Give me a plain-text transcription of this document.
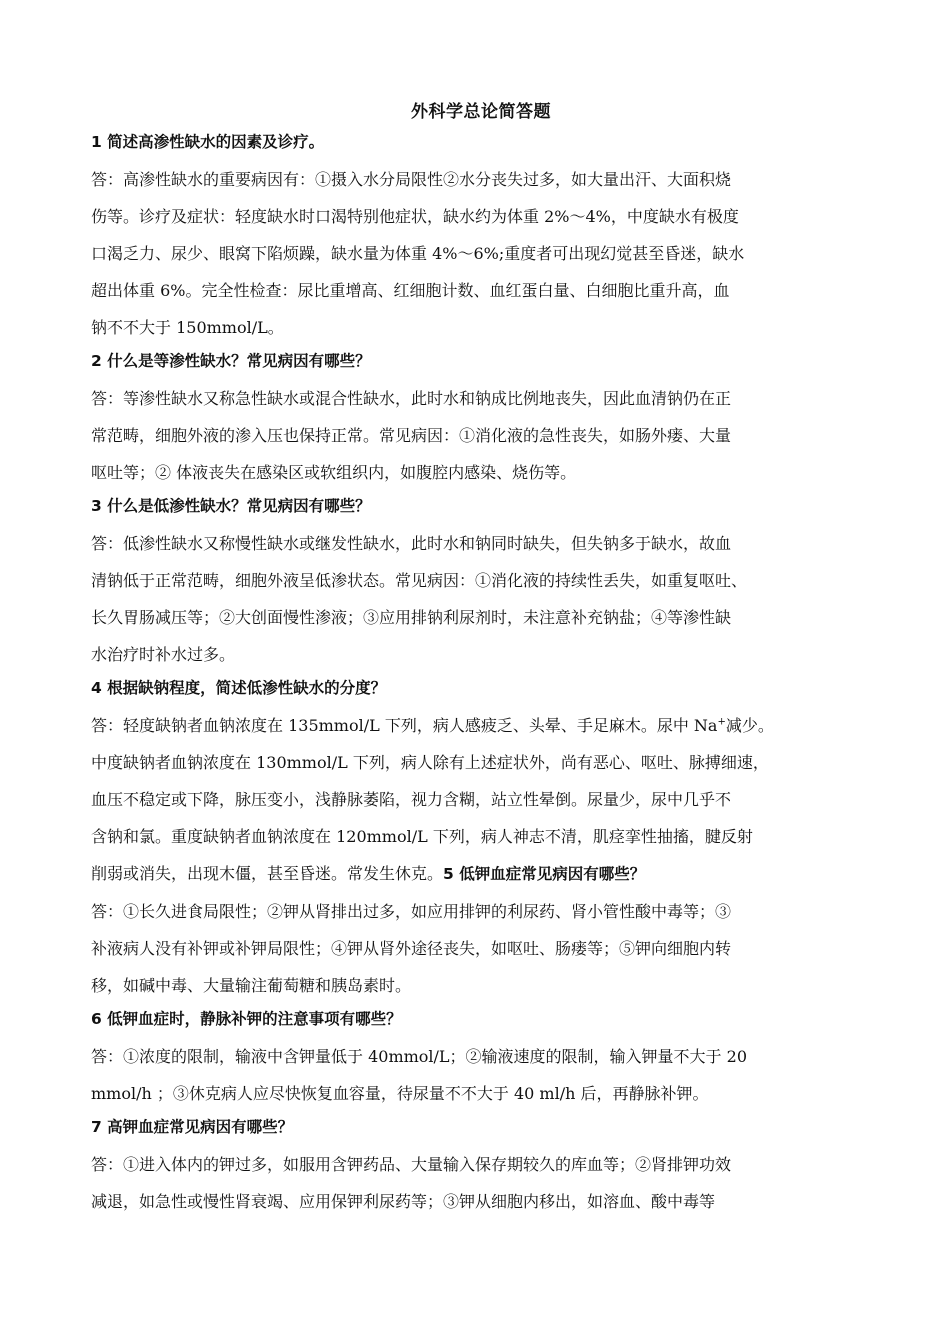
外科学总论简答题
1 简述高渗性缺水的因素及诊疗。
答：高渗性缺水的重要病因有：①摄入水分局限性②水分丧失过多，如大量出汗、大面积烧
伤等。诊疗及症状：轻度缺水时口渴特别他症状，缺水约为体重 2%～4%，中度缺水有极度
口渴乏力、尿少、眼窝下陷烦躁，缺水量为体重 4%～6%;重度者可出现幻觉甚至昏迷，缺水
超出体重 6%。完全性检查：尿比重增高、红细胞计数、血红蛋白量、白细胞比重升高，血
钠不不大于 150mmol/L。
2 什么是等渗性缺水？常见病因有哪些？
答：等渗性缺水又称急性缺水或混合性缺水，此时水和钠成比例地丧失，因此血清钠仍在正
常范畴，细胞外液的渗入压也保持正常。常见病因：①消化液的急性丧失，如肠外瘘、大量
呕吐等；② 体液丧失在感染区或软组织内，如腹腔内感染、烧伤等。
3 什么是低渗性缺水？常见病因有哪些？
答：低渗性缺水又称慢性缺水或继发性缺水，此时水和钠同时缺失，但失钠多于缺水，故血
清钠低于正常范畴，细胞外液呈低渗状态。常见病因：①消化液的持续性丢失，如重复呕吐、
长久胃肠减压等；②大创面慢性渗液；③应用排钠利尿剂时，未注意补充钠盐；④等渗性缺
水治疗时补水过多。
4 根据缺钠程度，简述低渗性缺水的分度？
答：轻度缺钠者血钠浓度在 135mmol/L 下列，病人感疲乏、头晕、手足麻木。尿中 Na+减少。
中度缺钠者血钠浓度在 130mmol/L 下列，病人除有上述症状外，尚有恶心、呕吐、脉搏细速，
血压不稳定或下降，脉压变小，浅静脉萎陷，视力含糊，站立性晕倒。尿量少，尿中几乎不
含钠和氯。重度缺钠者血钠浓度在 120mmol/L 下列，病人神志不清，肌痉挛性抽搐，腱反射
削弱或消失，出现木僵，甚至昏迷。常发生休克。5 低钾血症常见病因有哪些？
答：①长久进食局限性；②钾从肾排出过多，如应用排钾的利尿药、肾小管性酸中毒等；③
补液病人没有补钾或补钾局限性；④钾从肾外途径丧失，如呕吐、肠瘘等；⑤钾向细胞内转
移，如碱中毒、大量输注葡萄糖和胰岛素时。
6 低钾血症时，静脉补钾的注意事项有哪些？
答：①浓度的限制，输液中含钾量低于 40mmol/L；②输液速度的限制，输入钾量不大于 20
mmol/h ；③休克病人应尽快恢复血容量，待尿量不不大于 40 ml/h 后，再静脉补钾。
7 高钾血症常见病因有哪些？
答：①进入体内的钾过多，如服用含钾药品、大量输入保存期较久的库血等；②肾排钾功效
减退，如急性或慢性肾衰竭、应用保钾利尿药等；③钾从细胞内移出，如溶血、酸中毒等
